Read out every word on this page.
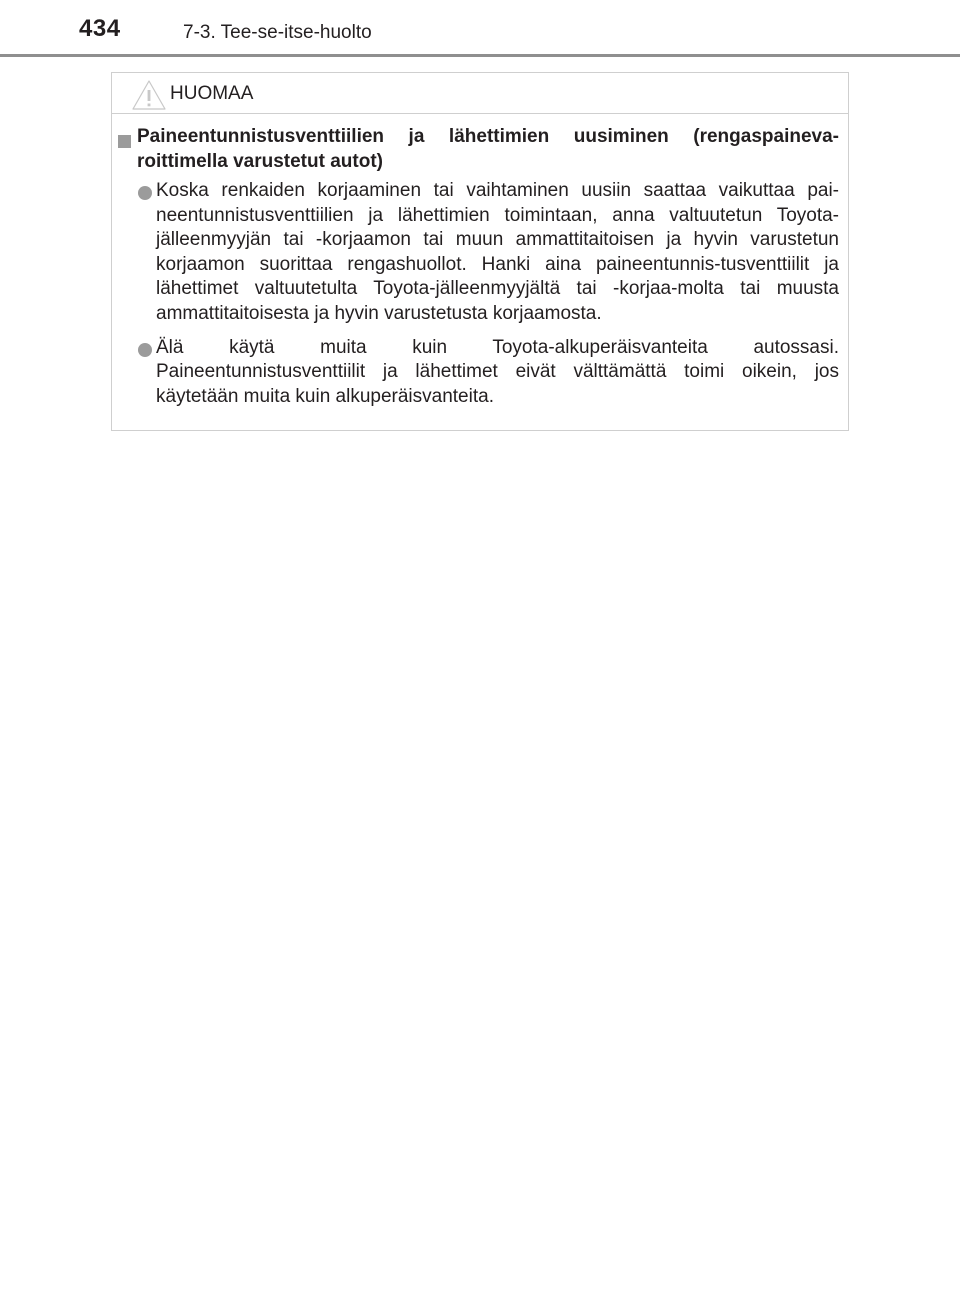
434	7-3. Tee-se-itse-huolto
HUOMAA
Paineentunnistusventtiilien ja lähettimien uusiminen (rengaspaineva-roittimella varustetut autot)
Koska renkaiden korjaaminen tai vaihtaminen uusiin saattaa vaikuttaa pai-neentunnistusventtiilien ja lähettimien toimintaan, anna valtuutetun Toyota-jälleenmyyjän tai -korjaamon tai muun ammattitaitoisen ja hyvin varustetun korjaamon suorittaa rengashuollot. Hanki aina paineentunnis-tusventtiilit ja lähettimet valtuutetulta Toyota-jälleenmyyjältä tai -korjaa-molta tai muusta ammattitaitoisesta ja hyvin varustetusta korjaamosta.
Älä käytä muita kuin Toyota-alkuperäisvanteita autossasi. Paineentunnistusventtiilit ja lähettimet eivät välttämättä toimi oikein, jos käytetään muita kuin alkuperäisvanteita.
